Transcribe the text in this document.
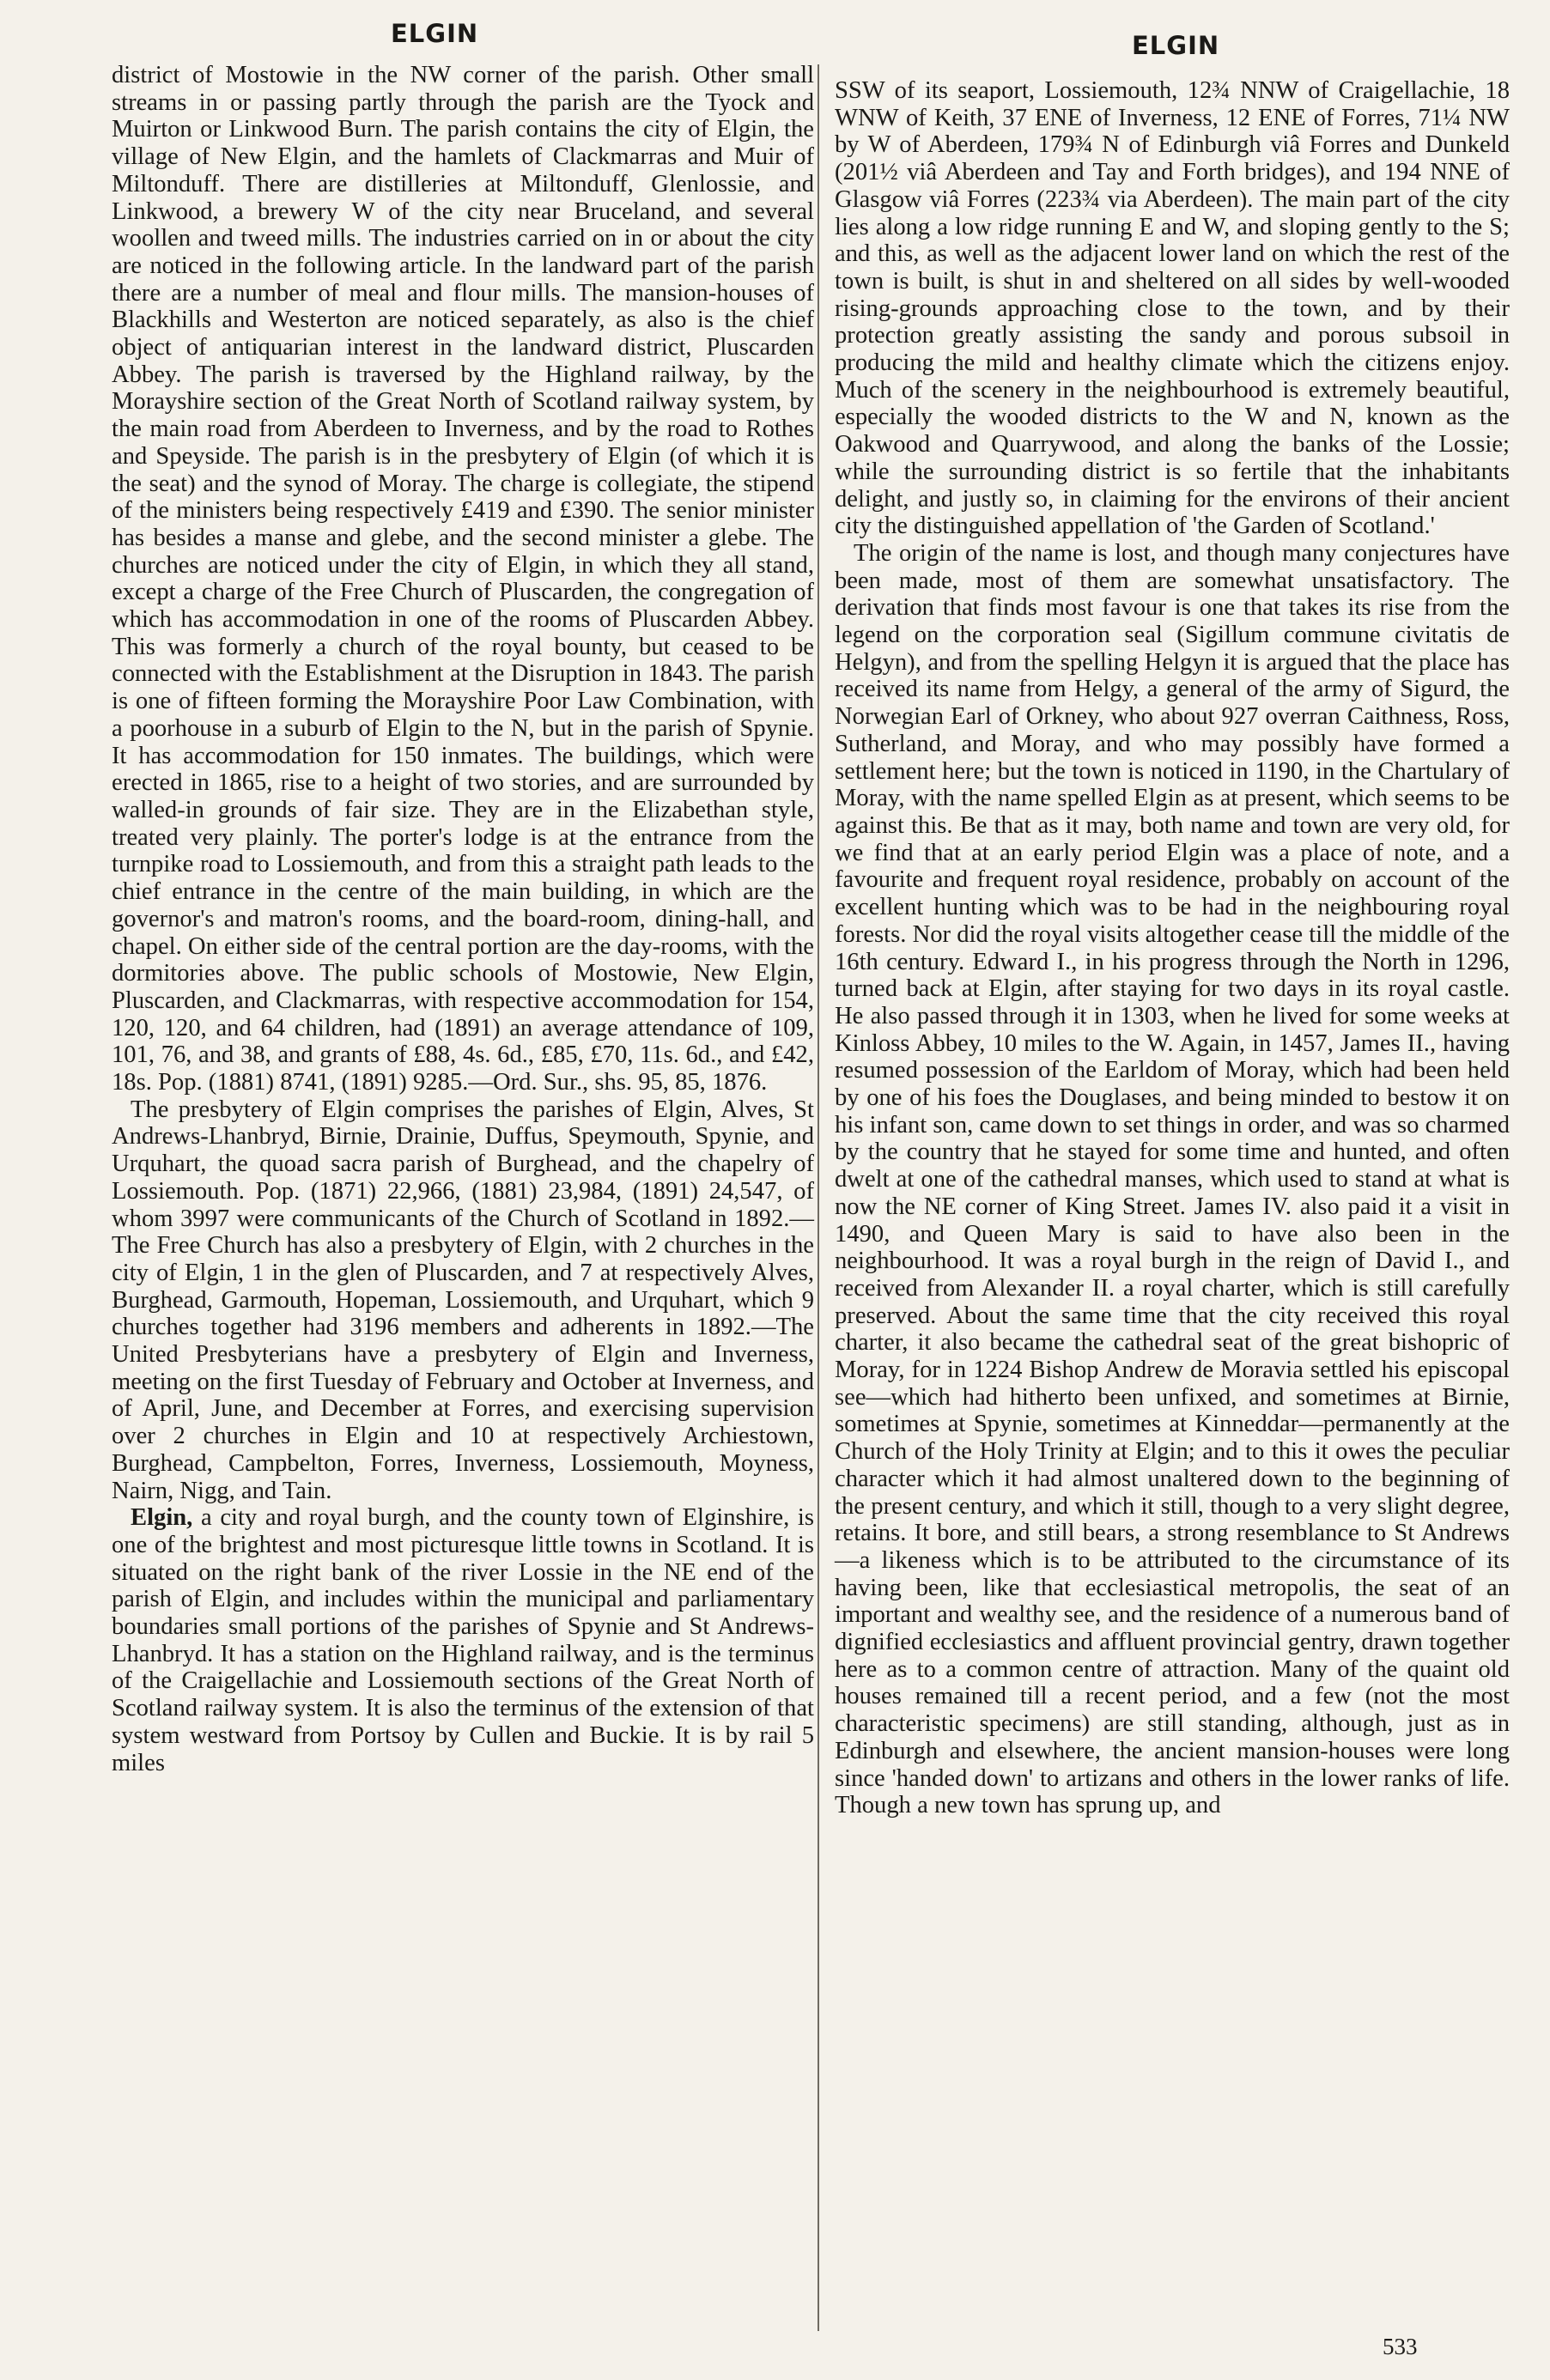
ELGIN	ELGIN

district of Mostowie in the NW corner of the parish. Other small streams in or passing partly through the parish are the Tyock and Muirton or Linkwood Burn. The parish contains the city of Elgin, the village of New Elgin, and the hamlets of Clackmarras and Muir of Miltonduff. There are distilleries at Miltonduff, Glenlossie, and Linkwood, a brewery W of the city near Bruceland, and several woollen and tweed mills. The industries carried on in or about the city are noticed in the following article. In the landward part of the parish there are a number of meal and flour mills. The mansion-houses of Blackhills and Westerton are noticed separately, as also is the chief object of antiquarian interest in the landward district, Pluscarden Abbey. The parish is traversed by the Highland railway, by the Morayshire section of the Great North of Scotland railway system, by the main road from Aberdeen to Inverness, and by the road to Rothes and Speyside. The parish is in the presbytery of Elgin (of which it is the seat) and the synod of Moray. The charge is collegiate, the stipend of the ministers being respectively £419 and £390. The senior minister has besides a manse and glebe, and the second minister a glebe. The churches are noticed under the city of Elgin, in which they all stand, except a charge of the Free Church of Pluscarden, the congregation of which has accommodation in one of the rooms of Pluscarden Abbey. This was formerly a church of the royal bounty, but ceased to be connected with the Establishment at the Disruption in 1843. The parish is one of fifteen forming the Morayshire Poor Law Combination, with a poorhouse in a suburb of Elgin to the N, but in the parish of Spynie. It has accommodation for 150 inmates. The buildings, which were erected in 1865, rise to a height of two stories, and are surrounded by walled-in grounds of fair size. They are in the Elizabethan style, treated very plainly. The porter's lodge is at the entrance from the turnpike road to Lossiemouth, and from this a straight path leads to the chief entrance in the centre of the main building, in which are the governor's and matron's rooms, and the board-room, dining-hall, and chapel. On either side of the central portion are the day-rooms, with the dormitories above. The public schools of Mostowie, New Elgin, Pluscarden, and Clackmarras, with respective accommodation for 154, 120, 120, and 64 children, had (1891) an average attendance of 109, 101, 76, and 38, and grants of £88, 4s. 6d., £85, £70, 11s. 6d., and £42, 18s. Pop. (1881) 8741, (1891) 9285.—Ord. Sur., shs. 95, 85, 1876.

The presbytery of Elgin comprises the parishes of Elgin, Alves, St Andrews-Lhanbryd, Birnie, Drainie, Duffus, Speymouth, Spynie, and Urquhart, the quoad sacra parish of Burghead, and the chapelry of Lossiemouth. Pop. (1871) 22,966, (1881) 23,984, (1891) 24,547, of whom 3997 were communicants of the Church of Scotland in 1892.—The Free Church has also a presbytery of Elgin, with 2 churches in the city of Elgin, 1 in the glen of Pluscarden, and 7 at respectively Alves, Burghead, Garmouth, Hopeman, Lossiemouth, and Urquhart, which 9 churches together had 3196 members and adherents in 1892.—The United Presbyterians have a presbytery of Elgin and Inverness, meeting on the first Tuesday of February and October at Inverness, and of April, June, and December at Forres, and exercising supervision over 2 churches in Elgin and 10 at respectively Archiestown, Burghead, Campbelton, Forres, Inverness, Lossiemouth, Moyness, Nairn, Nigg, and Tain.

Elgin, a city and royal burgh, and the county town of Elginshire, is one of the brightest and most picturesque little towns in Scotland. It is situated on the right bank of the river Lossie in the NE end of the parish of Elgin, and includes within the municipal and parliamentary boundaries small portions of the parishes of Spynie and St Andrews-Lhanbryd. It has a station on the Highland railway, and is the terminus of the Craigellachie and Lossiemouth sections of the Great North of Scotland railway system. It is also the terminus of the extension of that system westward from Portsoy by Cullen and Buckie. It is by rail 5 miles

SSW of its seaport, Lossiemouth, 12¾ NNW of Craigellachie, 18 WNW of Keith, 37 ENE of Inverness, 12 ENE of Forres, 71¼ NW by W of Aberdeen, 179¾ N of Edinburgh viâ Forres and Dunkeld (201½ viâ Aberdeen and Tay and Forth bridges), and 194 NNE of Glasgow viâ Forres (223¾ via Aberdeen). The main part of the city lies along a low ridge running E and W, and sloping gently to the S; and this, as well as the adjacent lower land on which the rest of the town is built, is shut in and sheltered on all sides by well-wooded rising-grounds approaching close to the town, and by their protection greatly assisting the sandy and porous subsoil in producing the mild and healthy climate which the citizens enjoy. Much of the scenery in the neighbourhood is extremely beautiful, especially the wooded districts to the W and N, known as the Oakwood and Quarrywood, and along the banks of the Lossie; while the surrounding district is so fertile that the inhabitants delight, and justly so, in claiming for the environs of their ancient city the distinguished appellation of 'the Garden of Scotland.'

The origin of the name is lost, and though many conjectures have been made, most of them are somewhat unsatisfactory. The derivation that finds most favour is one that takes its rise from the legend on the corporation seal (Sigillum commune civitatis de Helgyn), and from the spelling Helgyn it is argued that the place has received its name from Helgy, a general of the army of Sigurd, the Norwegian Earl of Orkney, who about 927 overran Caithness, Ross, Sutherland, and Moray, and who may possibly have formed a settlement here; but the town is noticed in 1190, in the Chartulary of Moray, with the name spelled Elgin as at present, which seems to be against this. Be that as it may, both name and town are very old, for we find that at an early period Elgin was a place of note, and a favourite and frequent royal residence, probably on account of the excellent hunting which was to be had in the neighbouring royal forests. Nor did the royal visits altogether cease till the middle of the 16th century. Edward I., in his progress through the North in 1296, turned back at Elgin, after staying for two days in its royal castle. He also passed through it in 1303, when he lived for some weeks at Kinloss Abbey, 10 miles to the W. Again, in 1457, James II., having resumed possession of the Earldom of Moray, which had been held by one of his foes the Douglases, and being minded to bestow it on his infant son, came down to set things in order, and was so charmed by the country that he stayed for some time and hunted, and often dwelt at one of the cathedral manses, which used to stand at what is now the NE corner of King Street. James IV. also paid it a visit in 1490, and Queen Mary is said to have also been in the neighbourhood. It was a royal burgh in the reign of David I., and received from Alexander II. a royal charter, which is still carefully preserved. About the same time that the city received this royal charter, it also became the cathedral seat of the great bishopric of Moray, for in 1224 Bishop Andrew de Moravia settled his episcopal see—which had hitherto been unfixed, and sometimes at Birnie, sometimes at Spynie, sometimes at Kinneddar—permanently at the Church of the Holy Trinity at Elgin; and to this it owes the peculiar character which it had almost unaltered down to the beginning of the present century, and which it still, though to a very slight degree, retains. It bore, and still bears, a strong resemblance to St Andrews—a likeness which is to be attributed to the circumstance of its having been, like that ecclesiastical metropolis, the seat of an important and wealthy see, and the residence of a numerous band of dignified ecclesiastics and affluent provincial gentry, drawn together here as to a common centre of attraction. Many of the quaint old houses remained till a recent period, and a few (not the most characteristic specimens) are still standing, although, just as in Edinburgh and elsewhere, the ancient mansion-houses were long since 'handed down' to artizans and others in the lower ranks of life. Though a new town has sprung up, and

533
